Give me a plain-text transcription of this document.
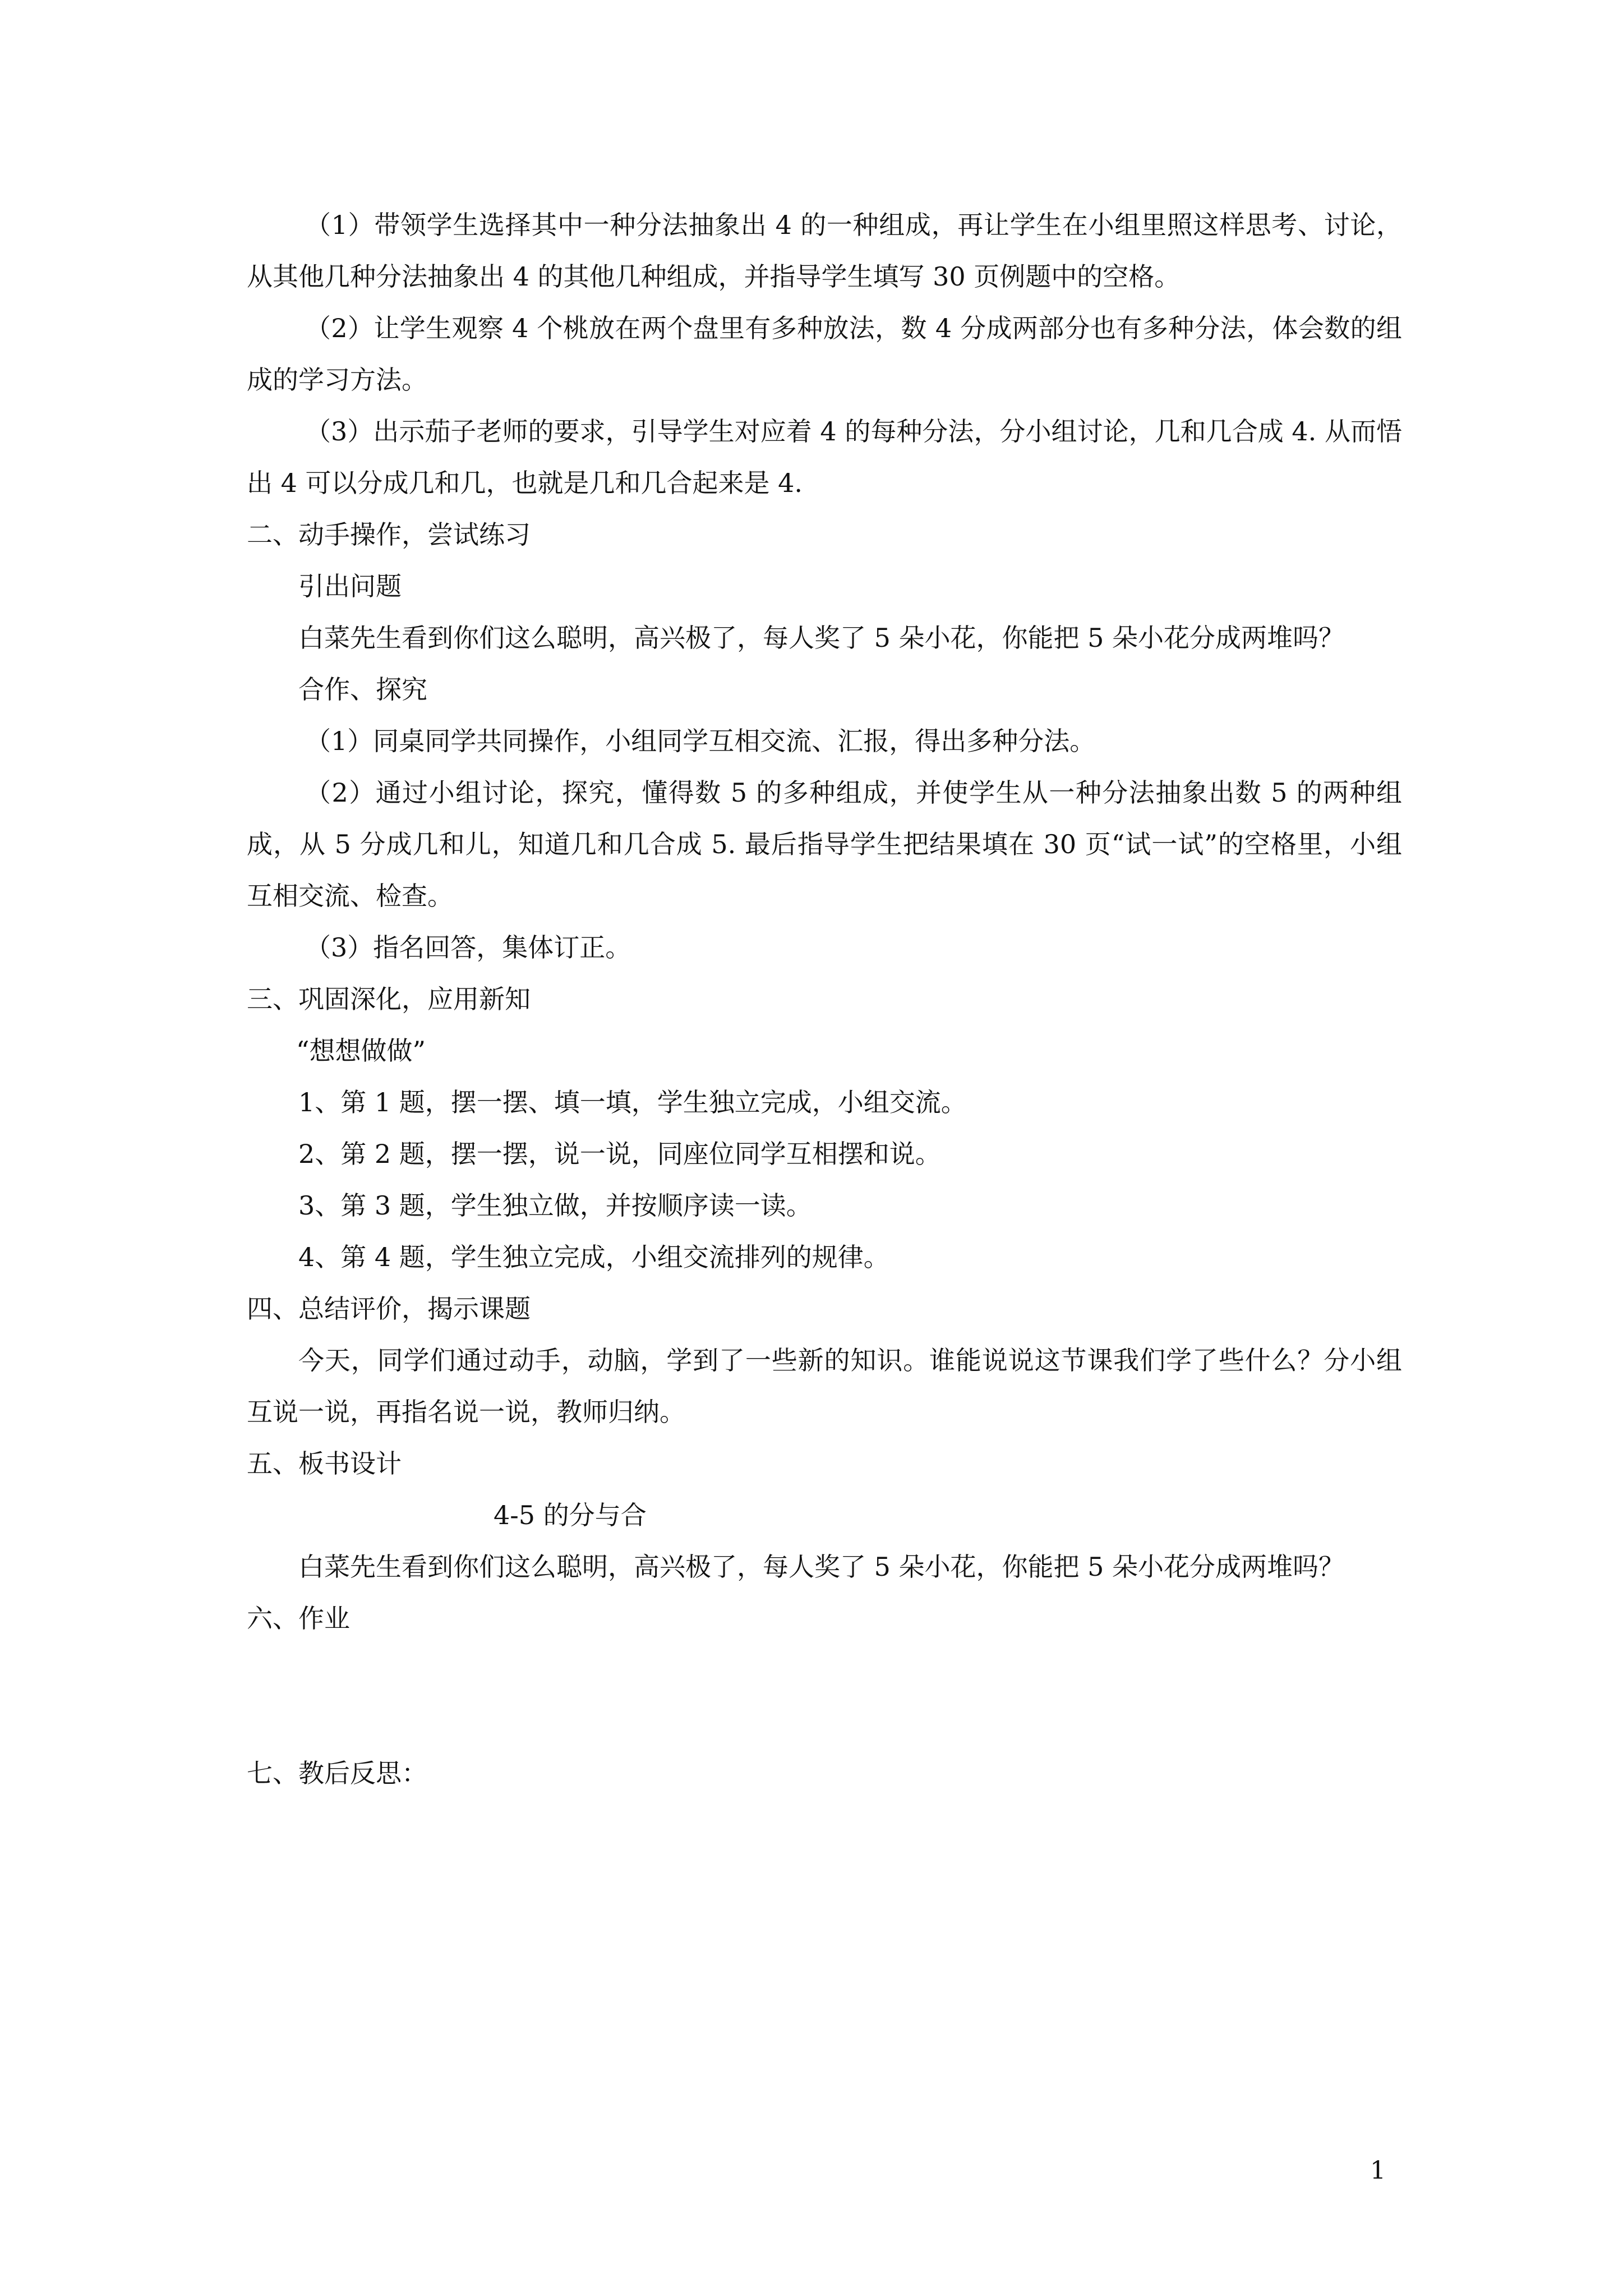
（1）带领学生选择其中一种分法抽象出 4 的一种组成，再让学生在小组里照这样思考、讨论，从其他几种分法抽象出 4 的其他几种组成，并指导学生填写 30 页例题中的空格。

（2）让学生观察 4 个桃放在两个盘里有多种放法，数 4 分成两部分也有多种分法，体会数的组成的学习方法。

（3）出示茄子老师的要求，引导学生对应着 4 的每种分法，分小组讨论，几和几合成 4. 从而悟出 4 可以分成几和几，也就是几和几合起来是 4.

二、动手操作，尝试练习

引出问题

白菜先生看到你们这么聪明，高兴极了，每人奖了 5 朵小花，你能把 5 朵小花分成两堆吗？

合作、探究

（1）同桌同学共同操作，小组同学互相交流、汇报，得出多种分法。

（2）通过小组讨论，探究，懂得数 5 的多种组成，并使学生从一种分法抽象出数 5 的两种组成，从 5 分成几和儿，知道几和几合成 5. 最后指导学生把结果填在 30 页“试一试”的空格里，小组互相交流、检查。

（3）指名回答，集体订正。

三、巩固深化，应用新知

“想想做做”

1、第 1 题，摆一摆、填一填，学生独立完成，小组交流。

2、第 2 题，摆一摆，说一说，同座位同学互相摆和说。

3、第 3 题，学生独立做，并按顺序读一读。

4、第 4 题，学生独立完成，小组交流排列的规律。

四、总结评价，揭示课题

今天，同学们通过动手，动脑，学到了一些新的知识。谁能说说这节课我们学了些什么？分小组互说一说，再指名说一说，教师归纳。

五、板书设计

4-5 的分与合

白菜先生看到你们这么聪明，高兴极了，每人奖了 5 朵小花，你能把 5 朵小花分成两堆吗？

六、作业

七、教后反思：

1
